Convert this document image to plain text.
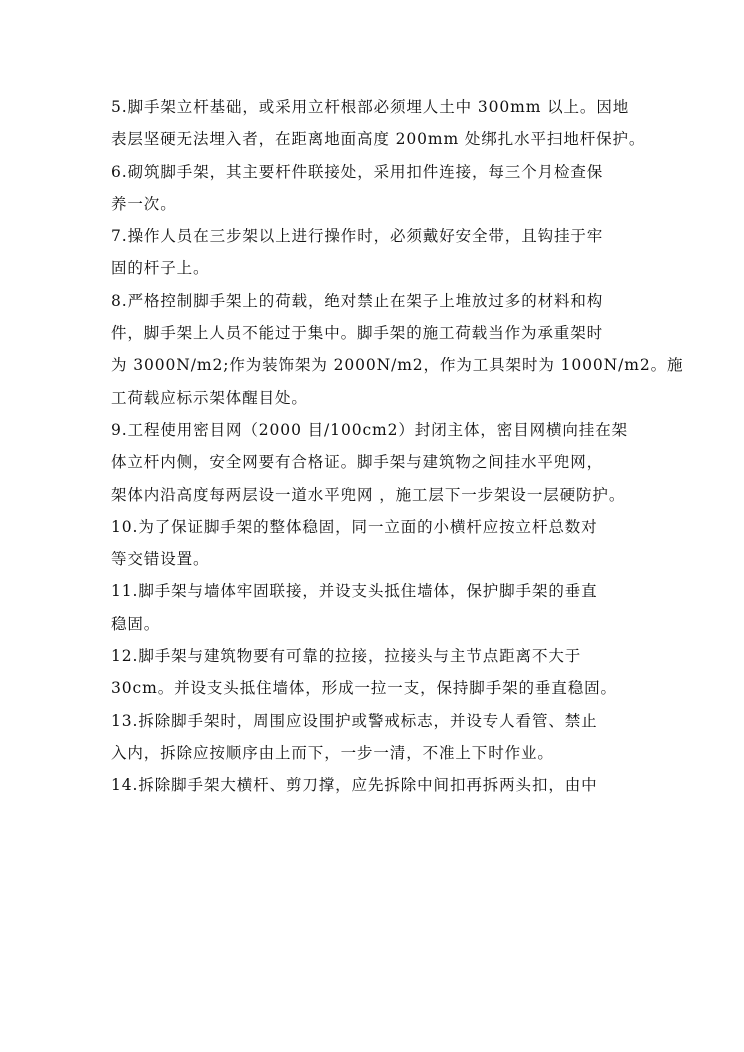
5.脚手架立杆基础，或采用立杆根部必须埋人土中 300mm 以上。因地
表层坚硬无法埋入者，在距离地面高度 200mm 处绑扎水平扫地杆保护。
6.砌筑脚手架，其主要杆件联接处，采用扣件连接，每三个月检查保
养一次。
7.操作人员在三步架以上进行操作时，必须戴好安全带，且钩挂于牢
固的杆子上。
8.严格控制脚手架上的荷载，绝对禁止在架子上堆放过多的材料和构
件，脚手架上人员不能过于集中。脚手架的施工荷载当作为承重架时
为 3000N/m2;作为装饰架为 2000N/m2，作为工具架时为 1000N/m2。施
工荷载应标示架体醒目处。
9.工程使用密目网（2000 目/100cm2）封闭主体，密目网横向挂在架
体立杆内侧，安全网要有合格证。脚手架与建筑物之间挂水平兜网，
架体内沿高度每两层设一道水平兜网 ，施工层下一步架设一层硬防护。
10.为了保证脚手架的整体稳固，同一立面的小横杆应按立杆总数对
等交错设置。
11.脚手架与墙体牢固联接，并设支头抵住墙体，保护脚手架的垂直
稳固。
12.脚手架与建筑物要有可靠的拉接，拉接头与主节点距离不大于
30cm。并设支头抵住墙体，形成一拉一支，保持脚手架的垂直稳固。
13.拆除脚手架时，周围应设围护或警戒标志，并设专人看管、禁止
入内，拆除应按顺序由上而下，一步一清，不准上下时作业。
14.拆除脚手架大横杆、剪刀撑，应先拆除中间扣再拆两头扣，由中
